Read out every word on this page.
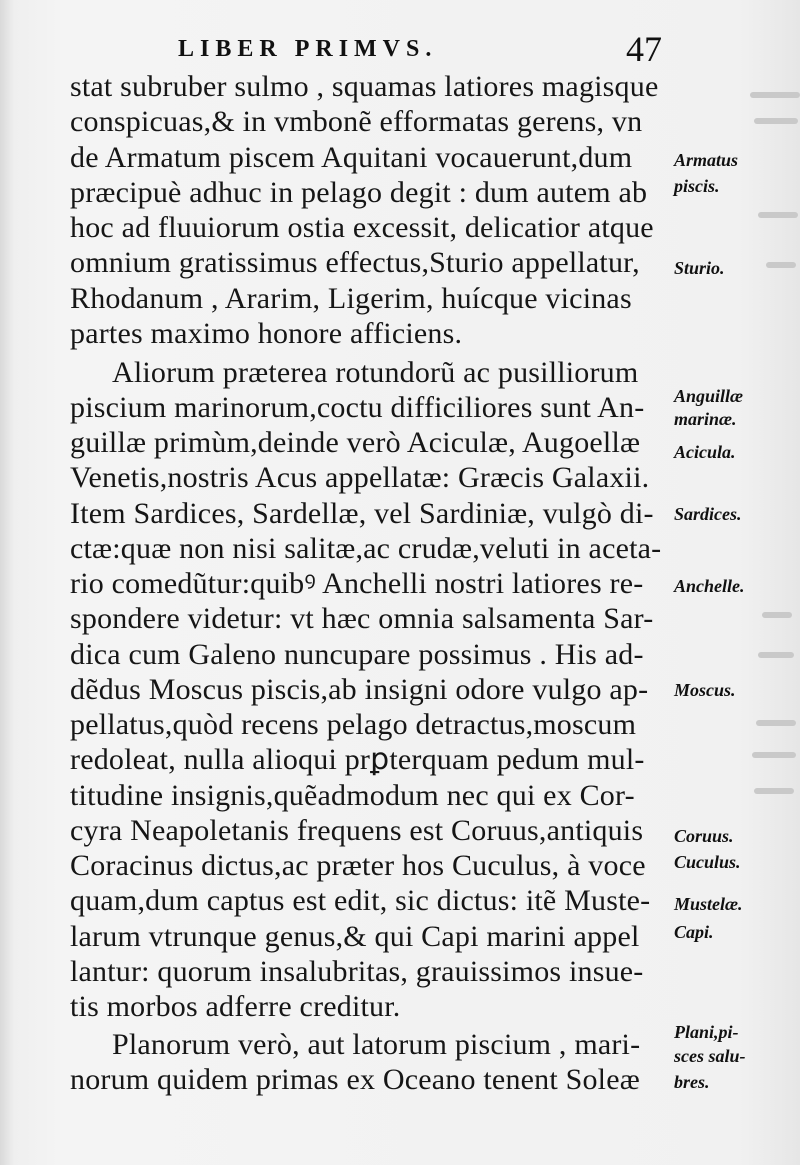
LIBER PRIMVS.	47
stat subruber sulmo , squamas latiores magisque
conspicuas,& in vmbonẽ efformatas gerens, vn
de Armatum piscem Aquitani vocauerunt,dum
præcipuè adhuc in pelago degit : dum autem ab
hoc ad fluuiorum ostia excessit, delicatior atque
omnium gratissimus effectus,Sturio appellatur,
Rhodanum , Ararim, Ligerim, huícque vicinas
partes maximo honore afficiens.
Aliorum præterea rotundorũ ac pusilliorum
piscium marinorum,coctu difficiliores sunt An-
guillæ primùm,deinde verò Aciculæ, Augoellæ
Venetis,nostris Acus appellatæ: Græcis Galaxii.
Item Sardices, Sardellæ, vel Sardiniæ, vulgò di-
ctæ:quæ non nisi salitæ,ac crudæ,veluti in aceta-
rio comedũtur:quibꝰ Anchelli nostri latiores re-
spondere videtur: vt hæc omnia salsamenta Sar-
dica cum Galeno nuncupare possimus . His ad-
dẽdus Moscus piscis,ab insigni odore vulgo ap-
pellatus,quòd recens pelago detractus,moscum
redoleat, nulla alioqui prꝑterquam pedum mul-
titudine insignis,quẽadmodum nec qui ex Cor-
cyra Neapoletanis frequens est Coruus,antiquis
Coracinus dictus,ac præter hos Cuculus, à voce
quam,dum captus est edit, sic dictus: itẽ Muste-
larum vtrunque genus,& qui Capi marini appel
lantur: quorum insalubritas, grauissimos insue-
tis morbos adferre creditur.
Planorum verò, aut latorum piscium , mari-
norum quidem primas ex Oceano tenent Soleæ
Armatus
piscis.
Sturio.
Anguillæ
marinæ.
Acicula.
Sardices.
Anchelle.
Moscus.
Coruus.
Cuculus.
Mustelæ.
Capi.
Plani,pi-
sces salu-
bres.
